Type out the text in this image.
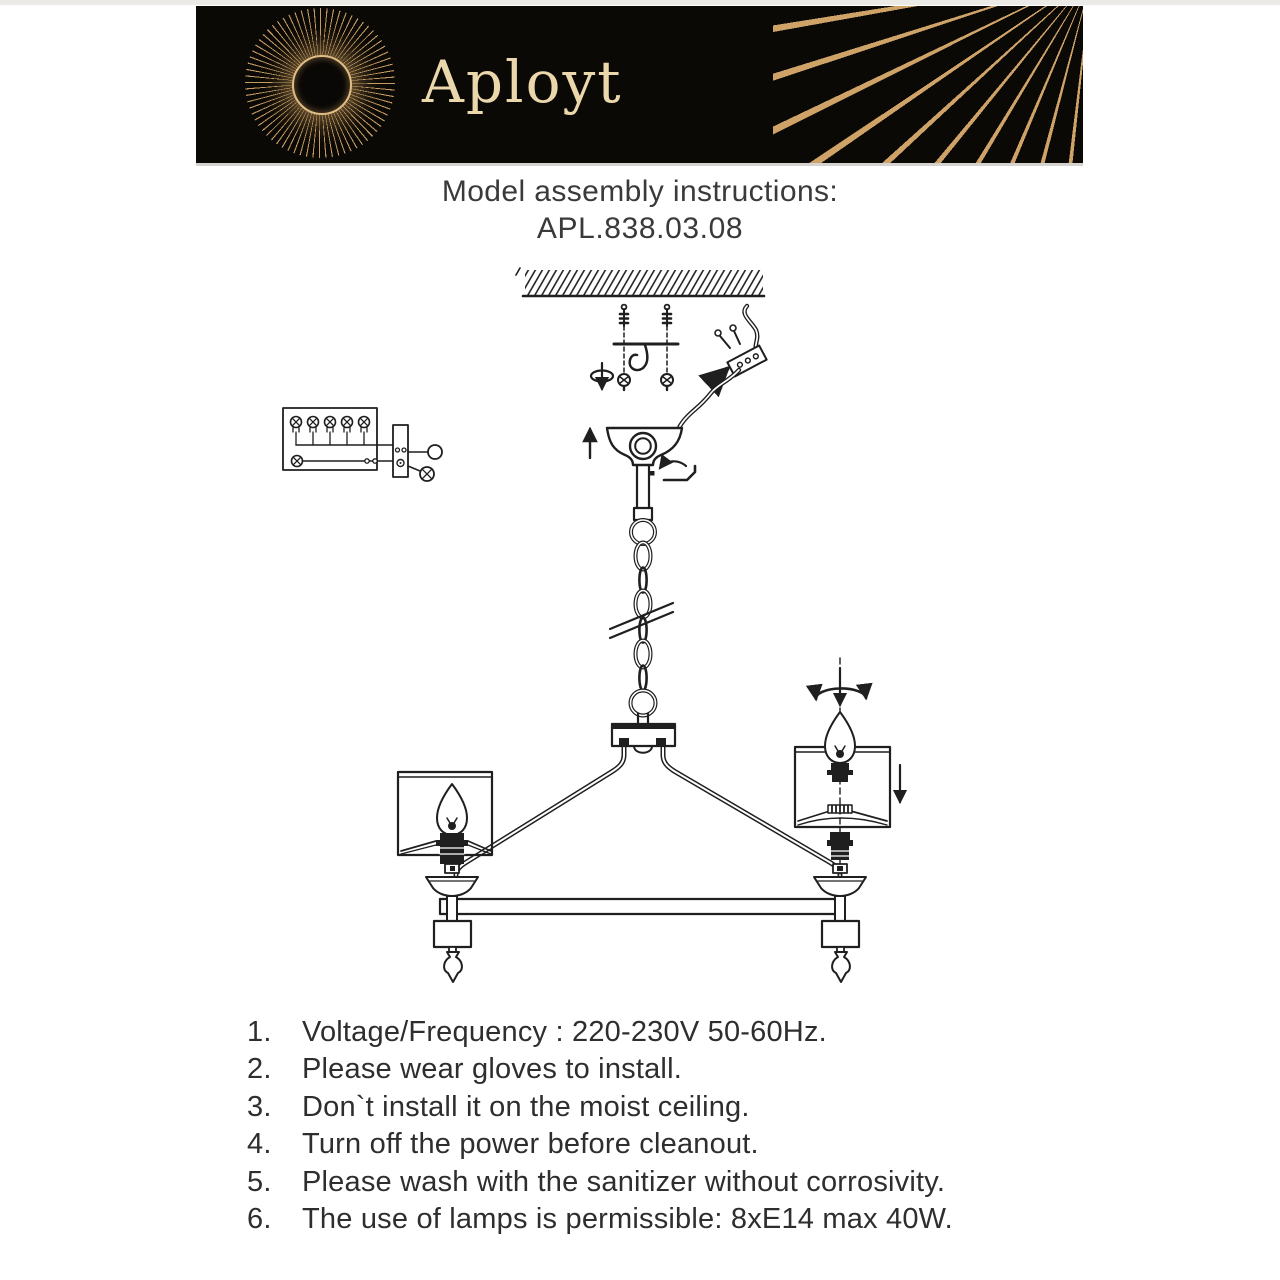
Aployt
Model assembly instructions:
APL.838.03.08
1.	Voltage/Frequency : 220-230V 50-60Hz.
2.	Please wear gloves to install.
3.	Don`t install it on the moist ceiling.
4.	Turn off the power before cleanout.
5.	Please wash with the sanitizer without corrosivity.
6.	The use of lamps is permissible: 8xE14 max 40W.
